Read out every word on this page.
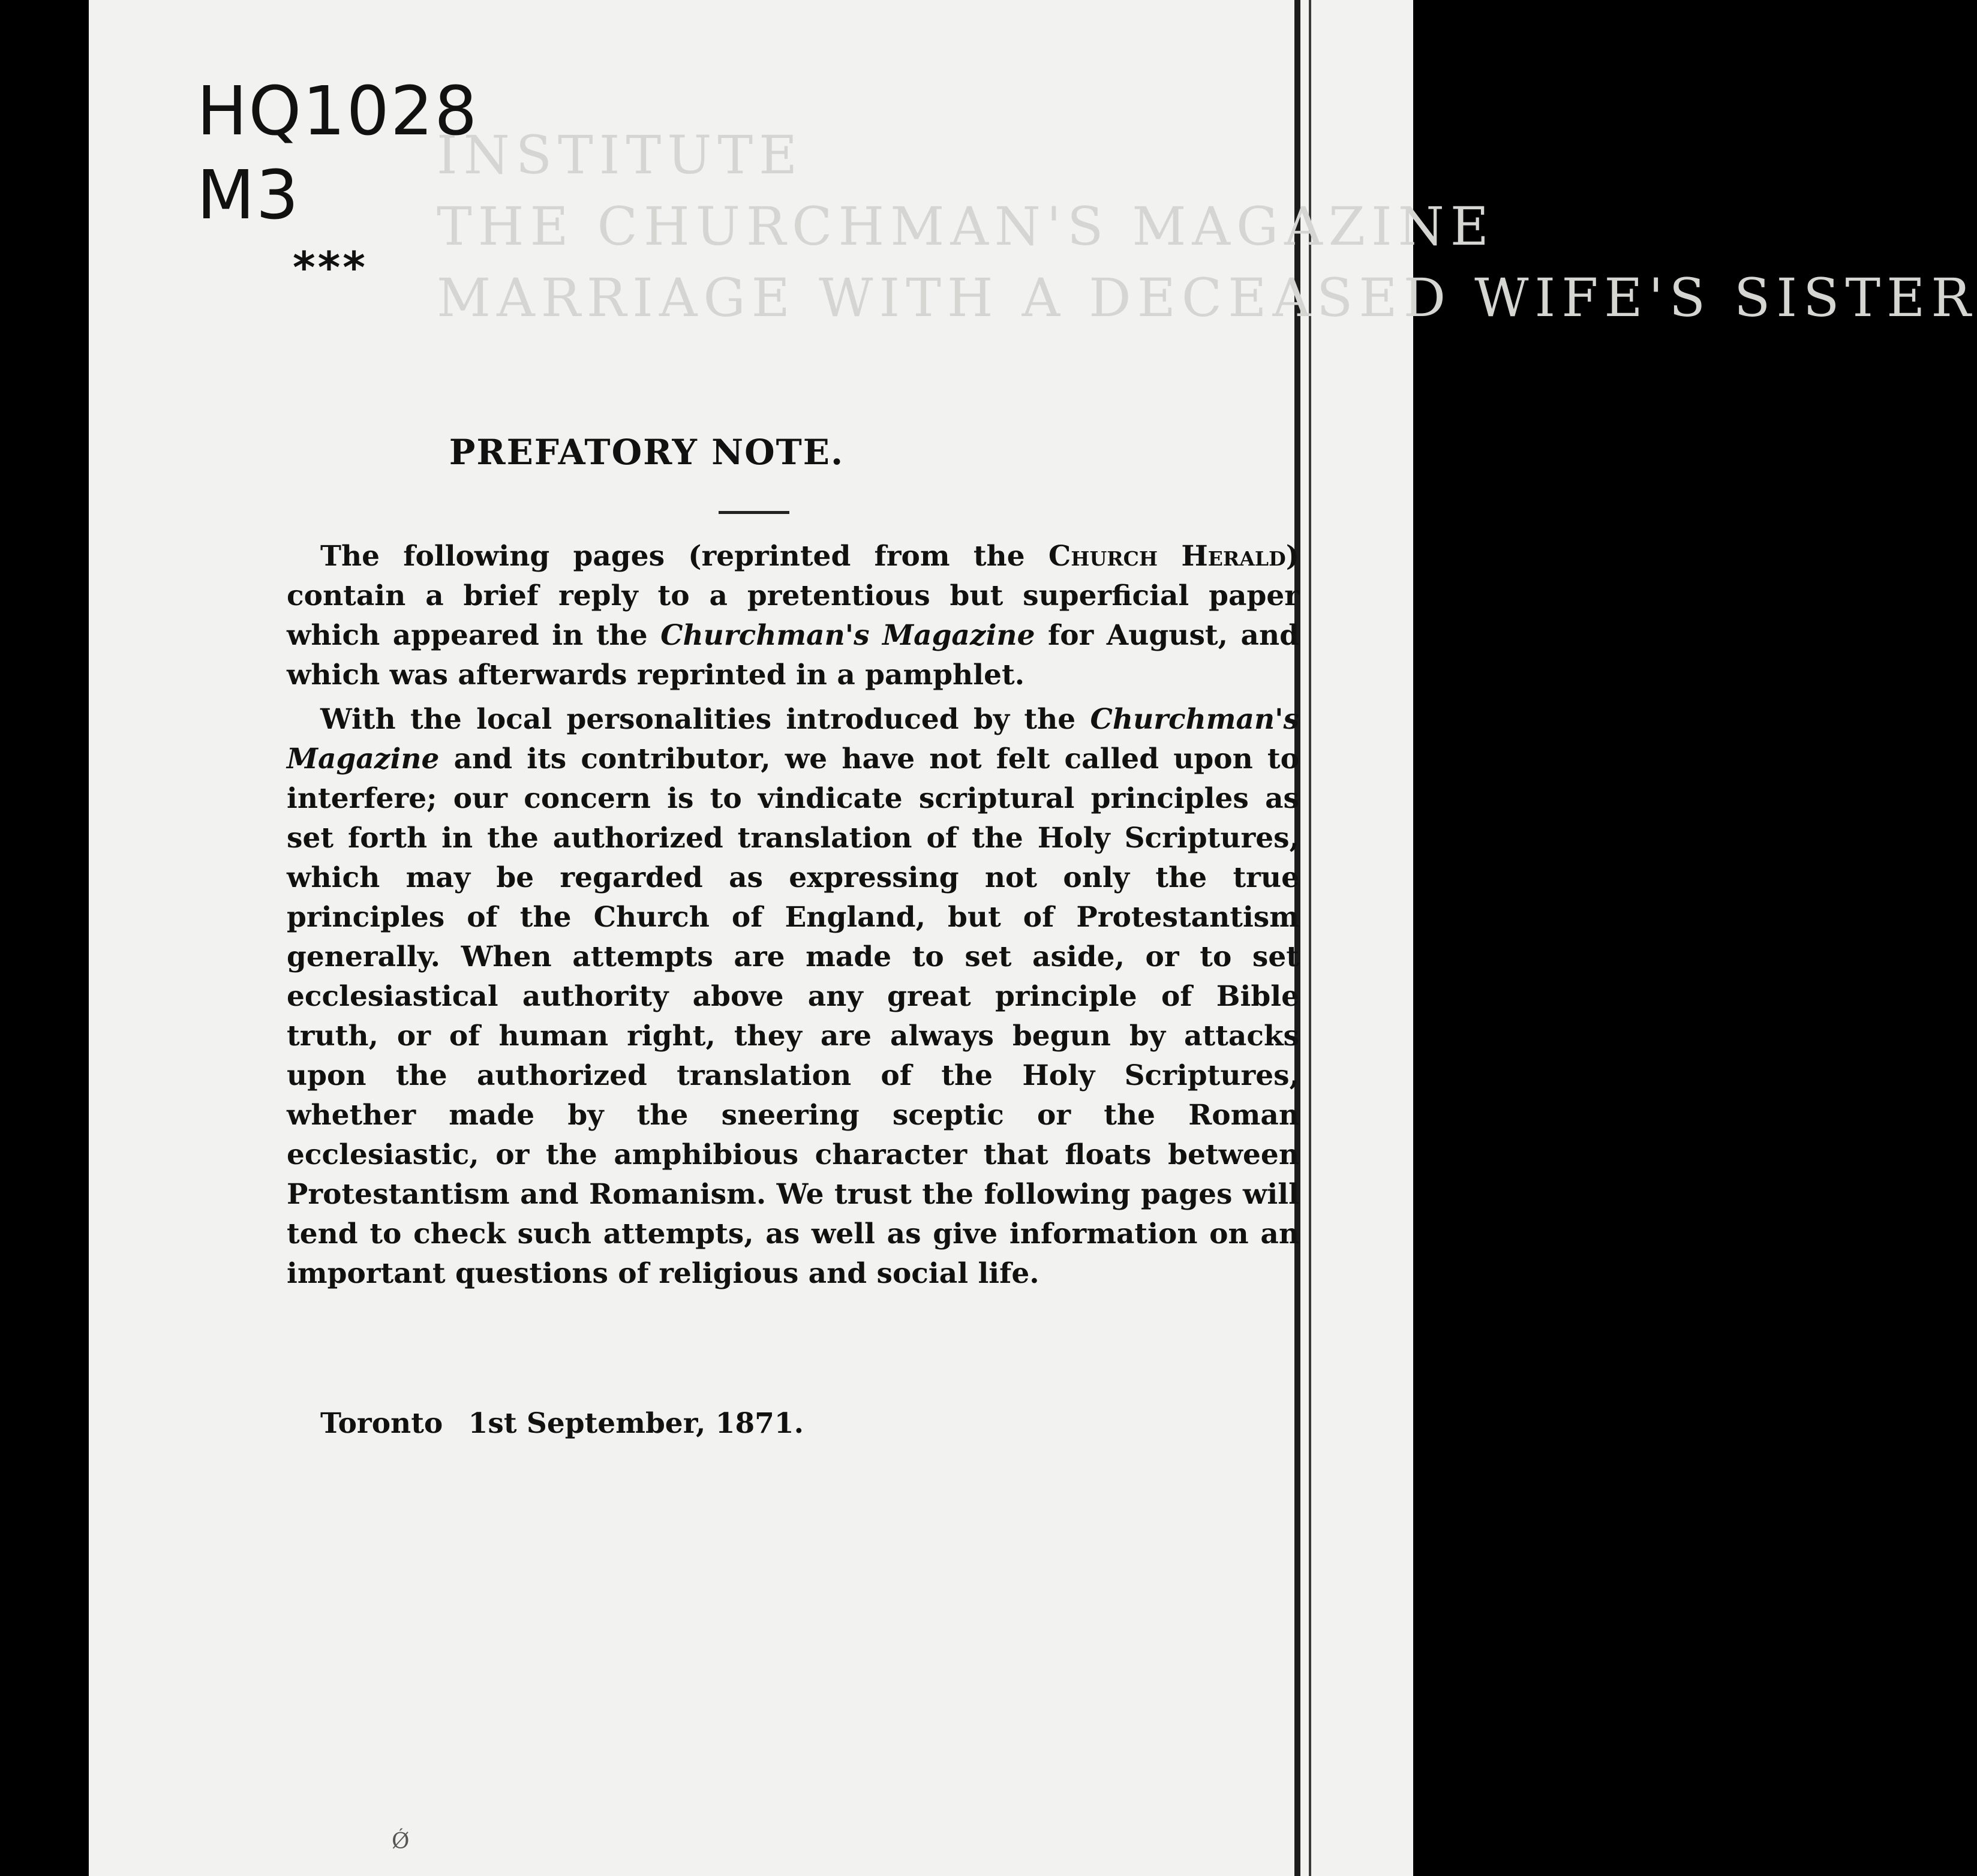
INSTITUTE
THE CHURCHMAN'S MAGAZINE
MARRIAGE WITH A DECEASED WIFE'S SISTER
HQ1028
M3
***
PREFATORY NOTE.

The following pages (reprinted from the Church Herald) contain a brief reply to a pretentious but superficial paper which appeared in the Churchman's Magazine for August, and which was afterwards reprinted in a pamphlet.

With the local personalities introduced by the Churchman's Magazine and its contributor, we have not felt called upon to interfere; our concern is to vindicate scriptural principles as set forth in the authorized translation of the Holy Scriptures, which may be regarded as expressing not only the true principles of the Church of England, but of Protestantism generally. When attempts are made to set aside, or to set ecclesiastical authority above any great principle of Bible truth, or of human right, they are always begun by attacks upon the authorized translation of the Holy Scriptures, whether made by the sneering sceptic or the Roman ecclesiastic, or the amphibious character that floats between Protestantism and Romanism. We trust the following pages will tend to check such attempts, as well as give information on an important questions of religious and social life.

Toronto 1st September, 1871.
Ǿ
